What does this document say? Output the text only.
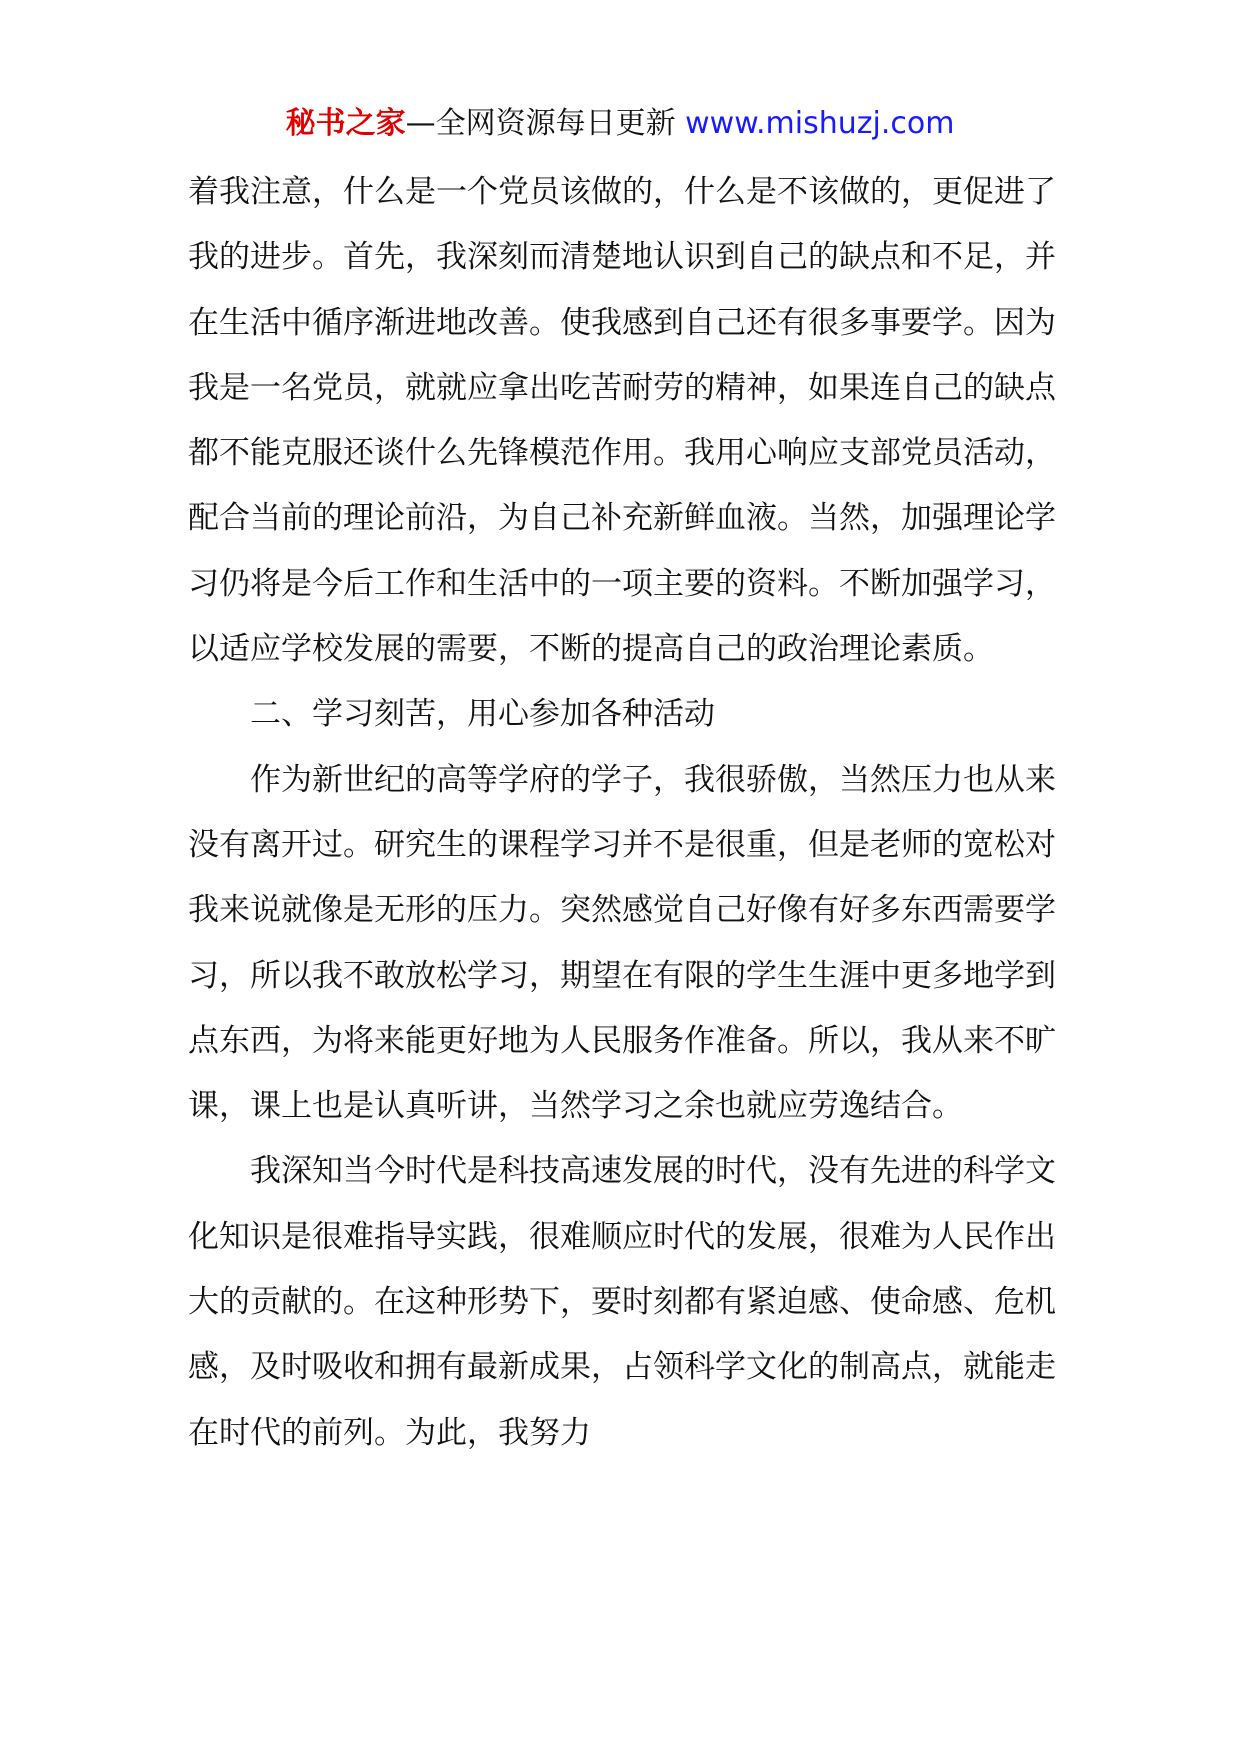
秘书之家—全网资源每日更新 www.mishuzj.com

着我注意，什么是一个党员该做的，什么是不该做的，更促进了我的进步。首先，我深刻而清楚地认识到自己的缺点和不足，并在生活中循序渐进地改善。使我感到自己还有很多事要学。因为我是一名党员，就就应拿出吃苦耐劳的精神，如果连自己的缺点都不能克服还谈什么先锋模范作用。我用心响应支部党员活动，配合当前的理论前沿，为自己补充新鲜血液。当然，加强理论学习仍将是今后工作和生活中的一项主要的资料。不断加强学习，以适应学校发展的需要，不断的提高自己的政治理论素质。

二、学习刻苦，用心参加各种活动

作为新世纪的高等学府的学子，我很骄傲，当然压力也从来没有离开过。研究生的课程学习并不是很重，但是老师的宽松对我来说就像是无形的压力。突然感觉自己好像有好多东西需要学习，所以我不敢放松学习，期望在有限的学生生涯中更多地学到点东西，为将来能更好地为人民服务作准备。所以，我从来不旷课，课上也是认真听讲，当然学习之余也就应劳逸结合。

我深知当今时代是科技高速发展的时代，没有先进的科学文化知识是很难指导实践，很难顺应时代的发展，很难为人民作出大的贡献的。在这种形势下，要时刻都有紧迫感、使命感、危机感，及时吸收和拥有最新成果，占领科学文化的制高点，就能走在时代的前列。为此，我努力
